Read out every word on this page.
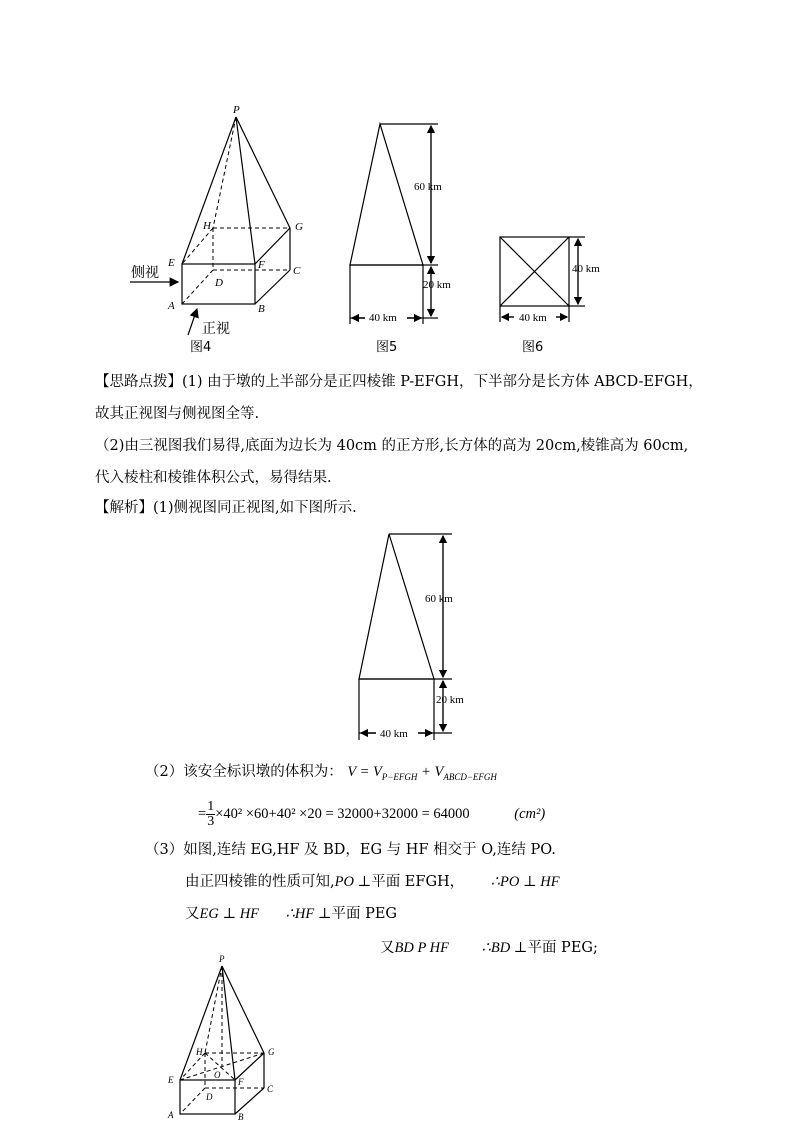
P
H	G
E	F	C
D
A	B
侧视
正视
图4
60 km
20 km
40 km
图5
40 km
40 km
图6
【思路点拨】(1) 由于墩的上半部分是正四棱锥 P-EFGH，下半部分是长方体 ABCD-EFGH，
故其正视图与侧视图全等.
（2)由三视图我们易得,底面为边长为 40cm 的正方形,长方体的高为 20cm,棱锥高为 60cm,
代入棱柱和棱锥体积公式，易得结果.
【解析】(1)侧视图同正视图,如下图所示.
60 km
20 km
40 km
（2）该安全标识墩的体积为： $V = V_{P-EFGH} + V_{ABCD-EFGH}$
= $\frac{1}{3} \times 40^2 \times 60+40^2 \times 20 = 32000+32000 = 64000$	(cm²)
（3）如图,连结 EG,HF 及 BD，EG 与 HF 相交于 O,连结 PO.
由正四棱锥的性质可知,PO ⊥平面 EFGH， ∴PO ⊥ HF
又EG ⊥ HF ∴HF ⊥平面 PEG
又BD P HF ∴BD ⊥平面 PEG;
P
H	G
O
E	F
C
D
A	B
